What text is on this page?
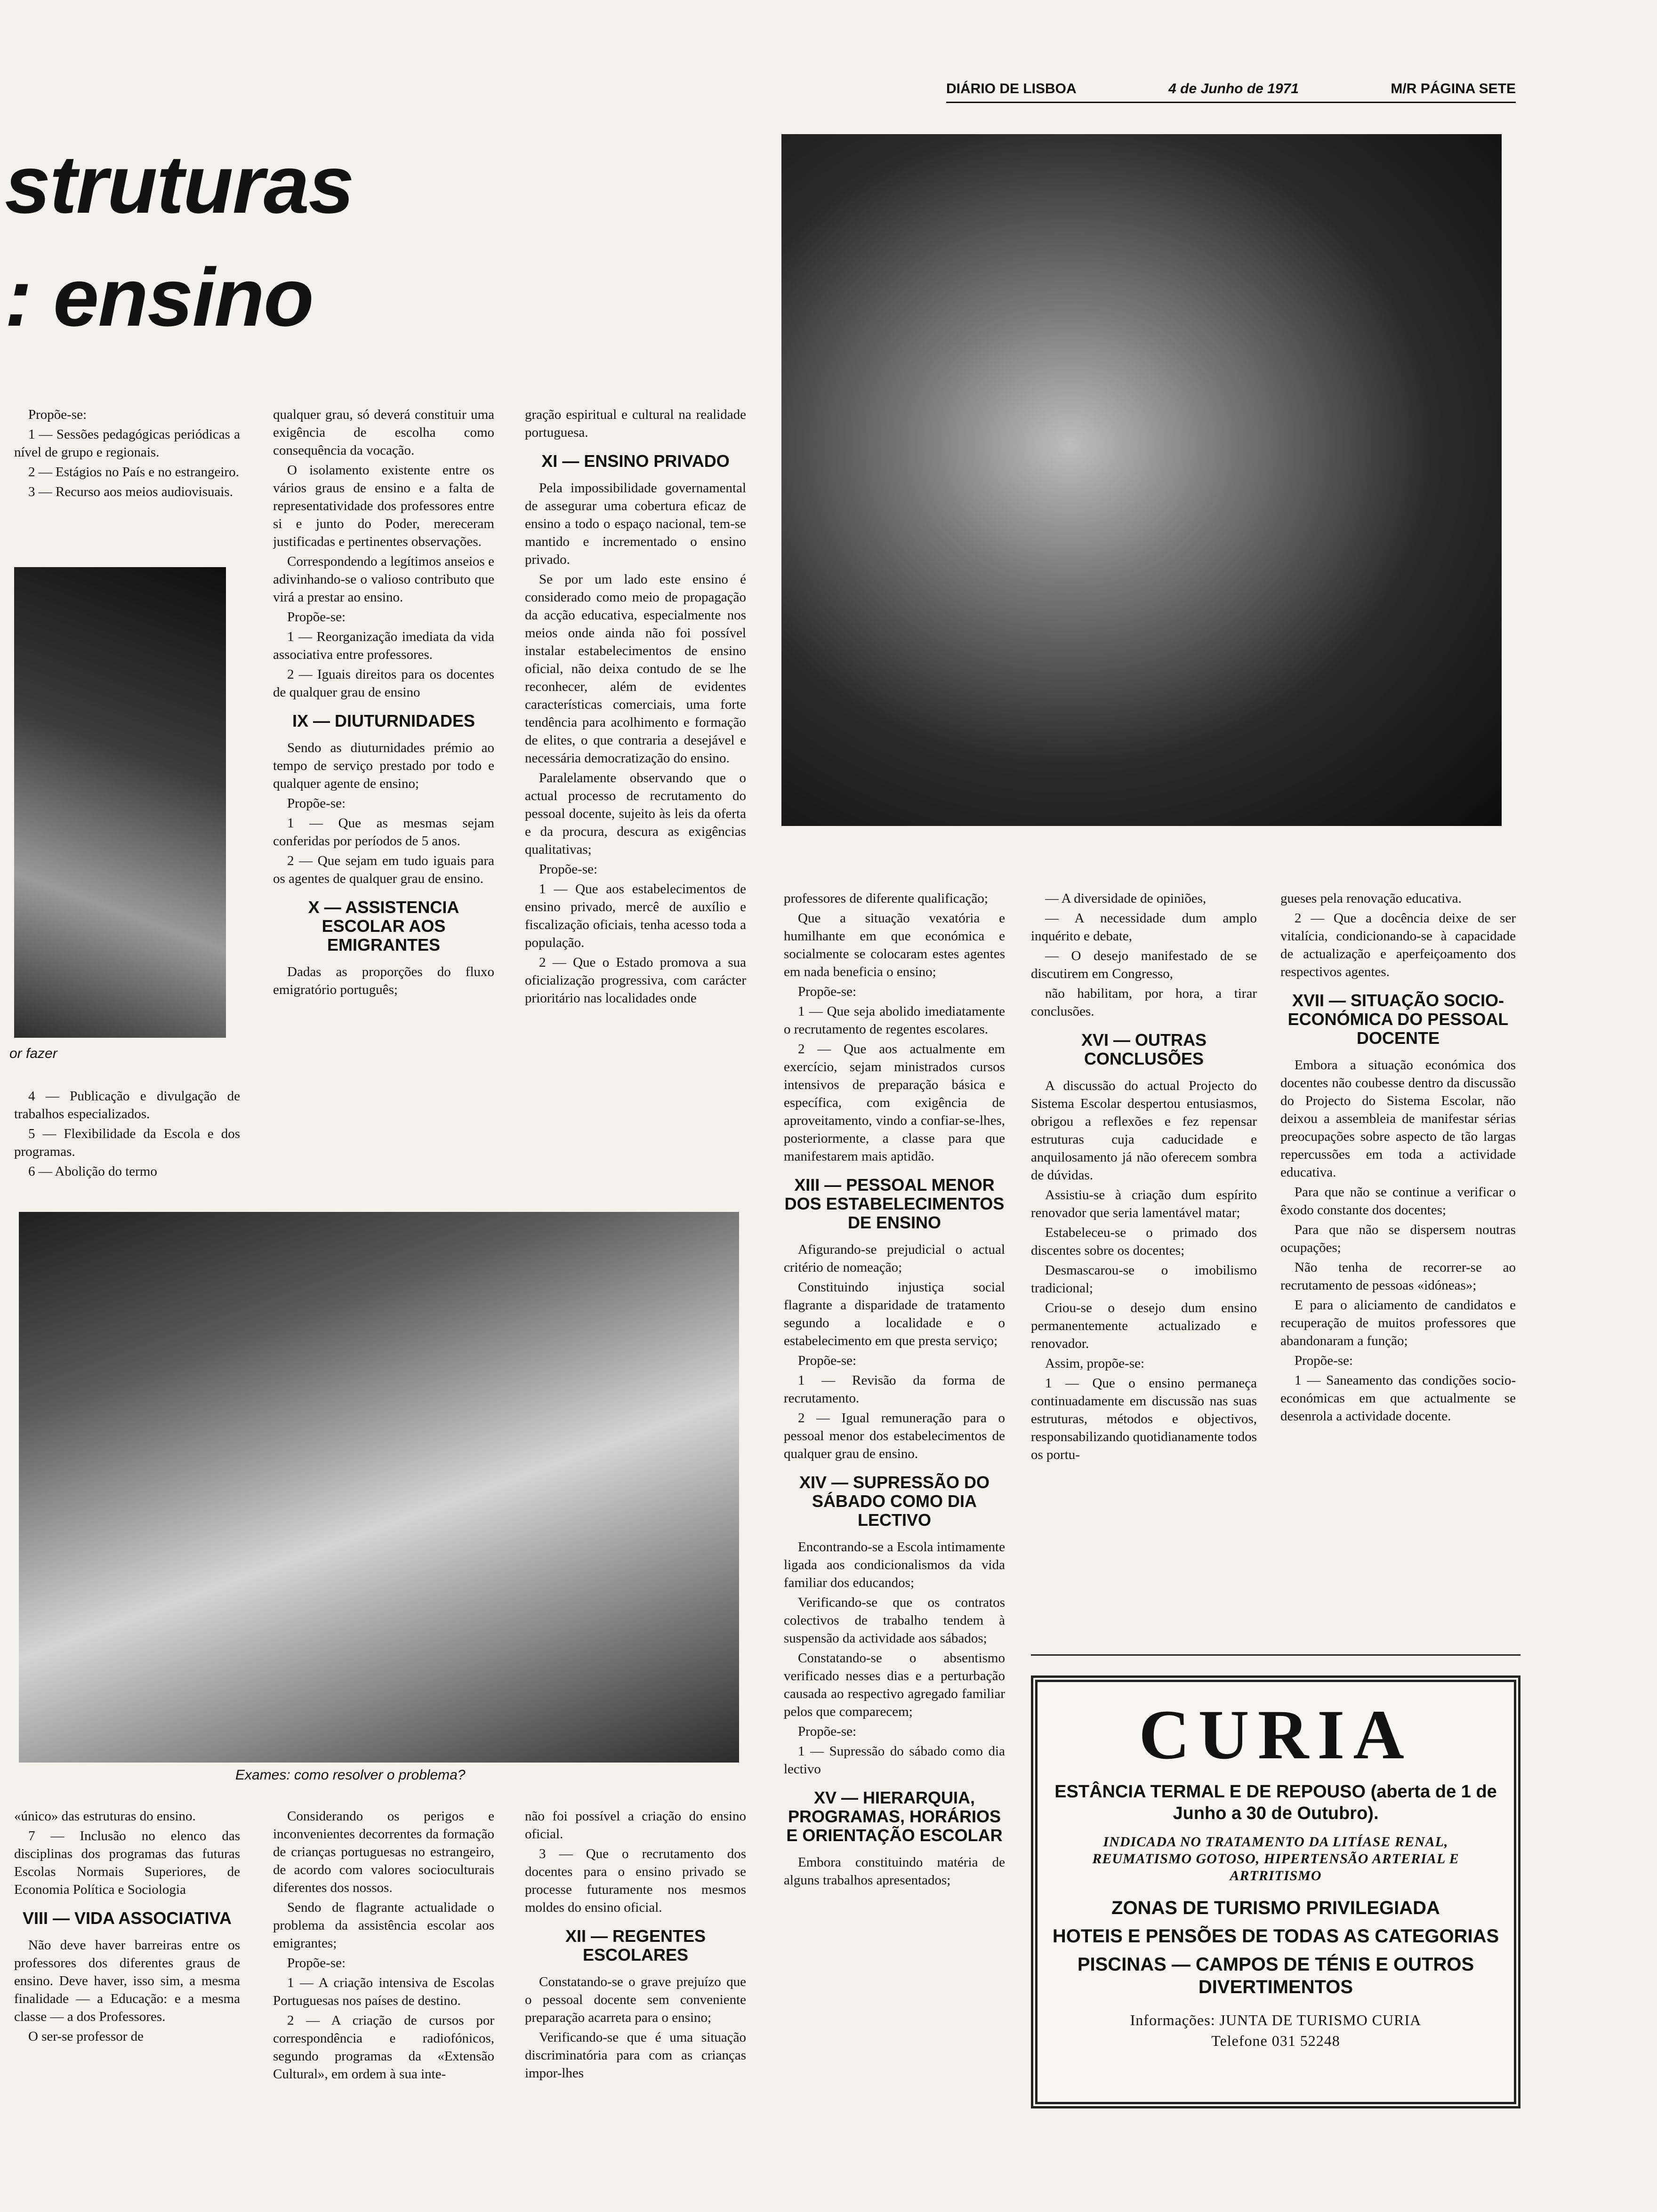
DIÁRIO DE LISBOA	4 de Junho de 1971	M/R PÁGINA SETE
struturas
: ensino
or fazer
Exames: como resolver o problema?

Propõe-se:

1 — Sessões pedagógicas periódicas a nível de grupo e regionais.

2 — Estágios no País e no estrangeiro.

3 — Recurso aos meios audiovisuais.

4 — Publicação e divulgação de trabalhos especializados.

5 — Flexibilidade da Escola e dos programas.

6 — Abolição do termo

qualquer grau, só deverá constituir uma exigência de escolha como consequência da vocação.

O isolamento existente entre os vários graus de ensino e a falta de representatividade dos professores entre si e junto do Poder, mereceram justificadas e pertinentes observações.

Correspondendo a legítimos anseios e adivinhando-se o valioso contributo que virá a prestar ao ensino.

Propõe-se:

1 — Reorganização imediata da vida associativa entre professores.

2 — Iguais direitos para os docentes de qualquer grau de ensino

IX — DIUTURNIDADES

Sendo as diuturnidades prémio ao tempo de serviço prestado por todo e qualquer agente de ensino;

Propõe-se:

1 — Que as mesmas sejam conferidas por períodos de 5 anos.

2 — Que sejam em tudo iguais para os agentes de qualquer grau de ensino.

X — ASSISTENCIA ESCOLAR AOS EMIGRANTES

Dadas as proporções do fluxo emigratório português;

gração espiritual e cultural na realidade portuguesa.

XI — ENSINO PRIVADO

Pela impossibilidade governamental de assegurar uma cobertura eficaz de ensino a todo o espaço nacional, tem-se mantido e incrementado o ensino privado.

Se por um lado este ensino é considerado como meio de propagação da acção educativa, especialmente nos meios onde ainda não foi possível instalar estabelecimentos de ensino oficial, não deixa contudo de se lhe reconhecer, além de evidentes características comerciais, uma forte tendência para acolhimento e formação de elites, o que contraria a desejável e necessária democratização do ensino.

Paralelamente observando que o actual processo de recrutamento do pessoal docente, sujeito às leis da oferta e da procura, descura as exigências qualitativas;

Propõe-se:

1 — Que aos estabelecimentos de ensino privado, mercê de auxílio e fiscalização oficiais, tenha acesso toda a população.

2 — Que o Estado promova a sua oficialização progressiva, com carácter prioritário nas localidades onde

«único» das estruturas do ensino.

7 — Inclusão no elenco das disciplinas dos programas das futuras Escolas Normais Superiores, de Economia Política e Sociologia

VIII — VIDA ASSOCIATIVA

Não deve haver barreiras entre os professores dos diferentes graus de ensino. Deve haver, isso sim, a mesma finalidade — a Educação: e a mesma classe — a dos Professores.

O ser-se professor de

Considerando os perigos e inconvenientes decorrentes da formação de crianças portuguesas no estrangeiro, de acordo com valores socioculturais diferentes dos nossos.

Sendo de flagrante actualidade o problema da assistência escolar aos emigrantes;

Propõe-se:

1 — A criação intensiva de Escolas Portuguesas nos países de destino.

2 — A criação de cursos por correspondência e radiofónicos, segundo programas da «Extensão Cultural», em ordem à sua inte-

não foi possível a criação do ensino oficial.

3 — Que o recrutamento dos docentes para o ensino privado se processe futuramente nos mesmos moldes do ensino oficial.

XII — REGENTES ESCOLARES

Constatando-se o grave prejuízo que o pessoal docente sem conveniente preparação acarreta para o ensino;

Verificando-se que é uma situação discriminatória para com as crianças impor-lhes

professores de diferente qualificação;

Que a situação vexatória e humilhante em que económica e socialmente se colocaram estes agentes em nada beneficia o ensino;

Propõe-se:

1 — Que seja abolido imediatamente o recrutamento de regentes escolares.

2 — Que aos actualmente em exercício, sejam ministrados cursos intensivos de preparação básica e específica, com exigência de aproveitamento, vindo a confiar-se-lhes, posteriormente, a classe para que manifestarem mais aptidão.

XIII — PESSOAL MENOR DOS ESTABELECIMENTOS DE ENSINO

Afigurando-se prejudicial o actual critério de nomeação;

Constituindo injustiça social flagrante a disparidade de tratamento segundo a localidade e o estabelecimento em que presta serviço;

Propõe-se:

1 — Revisão da forma de recrutamento.

2 — Igual remuneração para o pessoal menor dos estabelecimentos de qualquer grau de ensino.

XIV — SUPRESSÃO DO SÁBADO COMO DIA LECTIVO

Encontrando-se a Escola intimamente ligada aos condicionalismos da vida familiar dos educandos;

Verificando-se que os contratos colectivos de trabalho tendem à suspensão da actividade aos sábados;

Constatando-se o absentismo verificado nesses dias e a perturbação causada ao respectivo agregado familiar pelos que comparecem;

Propõe-se:

1 — Supressão do sábado como dia lectivo

XV — HIERARQUIA, PROGRAMAS, HORÁRIOS E ORIENTAÇÃO ESCOLAR

Embora constituindo matéria de alguns trabalhos apresentados;

— A diversidade de opiniões,

— A necessidade dum amplo inquérito e debate,

— O desejo manifestado de se discutirem em Congresso,

não habilitam, por hora, a tirar conclusões.

XVI — OUTRAS CONCLUSÕES

A discussão do actual Projecto do Sistema Escolar despertou entusiasmos, obrigou a reflexões e fez repensar estruturas cuja caducidade e anquilosamento já não oferecem sombra de dúvidas.

Assistiu-se à criação dum espírito renovador que seria lamentável matar;

Estabeleceu-se o primado dos discentes sobre os docentes;

Desmascarou-se o imobilismo tradicional;

Criou-se o desejo dum ensino permanentemente actualizado e renovador.

Assim, propõe-se:

1 — Que o ensino permaneça continuadamente em discussão nas suas estruturas, métodos e objectivos, responsabilizando quotidianamente todos os portu-

gueses pela renovação educativa.

2 — Que a docência deixe de ser vitalícia, condicionando-se à capacidade de actualização e aperfeiçoamento dos respectivos agentes.

XVII — SITUAÇÃO SOCIO-ECONÓMICA DO PESSOAL DOCENTE

Embora a situação económica dos docentes não coubesse dentro da discussão do Projecto do Sistema Escolar, não deixou a assembleia de manifestar sérias preocupações sobre aspecto de tão largas repercussões em toda a actividade educativa.

Para que não se continue a verificar o êxodo constante dos docentes;

Para que não se dispersem noutras ocupações;

Não tenha de recorrer-se ao recrutamento de pessoas «idóneas»;

E para o aliciamento de candidatos e recuperação de muitos professores que abandonaram a função;

Propõe-se:

1 — Saneamento das condições socio-económicas em que actualmente se desenrola a actividade docente.

CURIA
ESTÂNCIA TERMAL E DE REPOUSO (aberta de 1 de Junho a 30 de Outubro).
INDICADA NO TRATAMENTO DA LITÍASE RENAL, REUMATISMO GOTOSO, HIPERTENSÃO ARTERIAL E ARTRITISMO
ZONAS DE TURISMO PRIVILEGIADA
HOTEIS E PENSÕES DE TODAS AS CATEGORIAS
PISCINAS — CAMPOS DE TÉNIS E OUTROS DIVERTIMENTOS
Informações: JUNTA DE TURISMO CURIA
Telefone 031 52248
